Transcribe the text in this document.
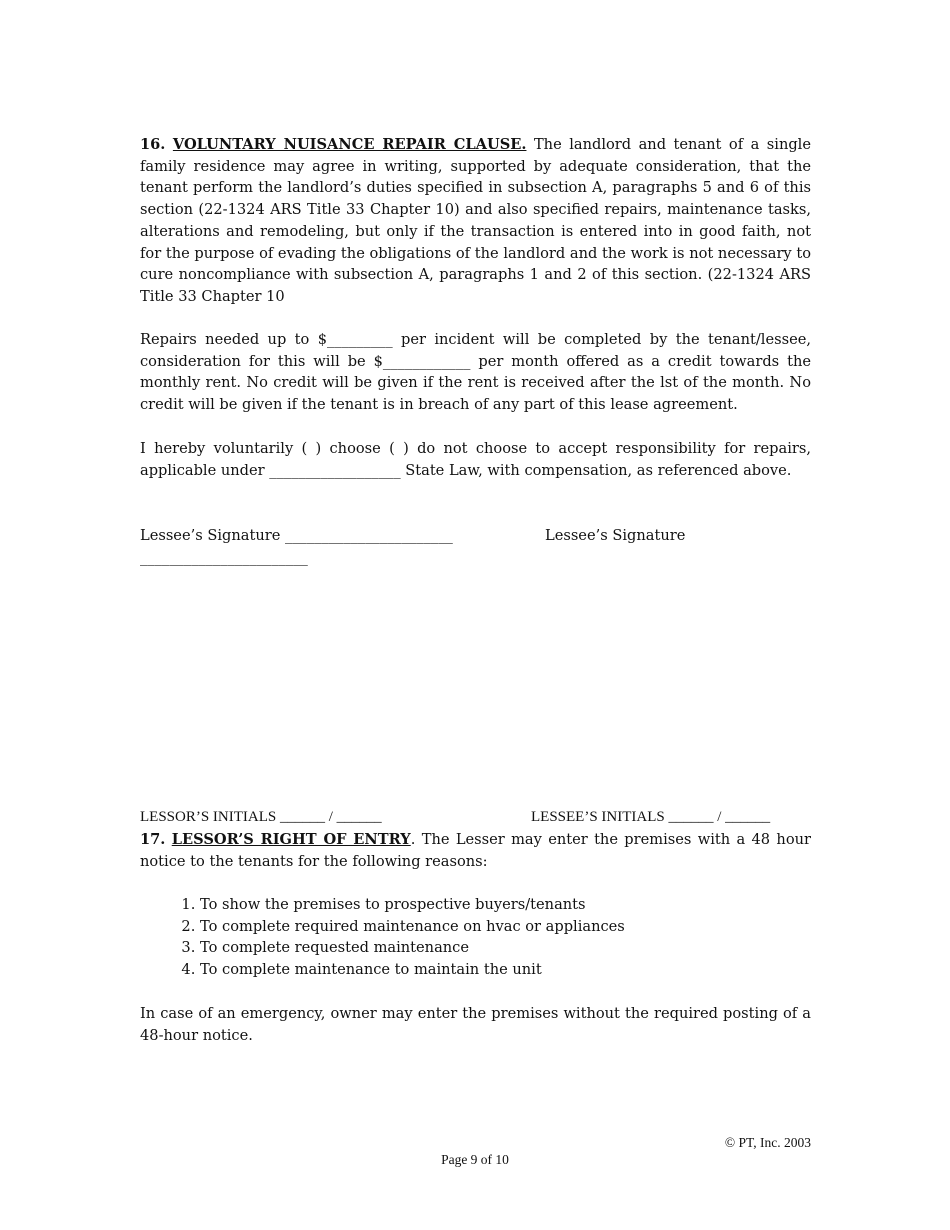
16. VOLUNTARY NUISANCE REPAIR CLAUSE. The landlord and tenant of a single family residence may agree in writing, supported by adequate consideration, that the tenant perform the landlord’s duties specified in subsection A, paragraphs 5 and 6 of this section (22-1324 ARS Title 33 Chapter 10) and also specified repairs, maintenance tasks, alterations and remodeling, but only if the transaction is entered into in good faith, not for the purpose of evading the obligations of the landlord and the work is not necessary to cure noncompliance with subsection A, paragraphs 1 and 2 of this section. (22-1324 ARS Title 33 Chapter 10

Repairs needed up to $_________ per incident will be completed by the tenant/lessee, consideration for this will be $____________ per month offered as a credit towards the monthly rent. No credit will be given if the rent is received after the lst of the month. No credit will be given if the tenant is in breach of any part of this lease agreement.

I hereby voluntarily ( ) choose ( ) do not choose to accept responsibility for repairs, applicable under __________________ State Law, with compensation, as referenced above.

Lessee’s Signature _______________________	Lessee’s Signature
_______________________
LESSOR’S INITIALS ______ / ______	LESSEE’S INITIALS ______ / ______

17. LESSOR’S RIGHT OF ENTRY. The Lesser may enter the premises with a 48 hour notice to the tenants for the following reasons:

1. To show the premises to prospective buyers/tenants
2. To complete required maintenance on hvac or appliances
3. To complete requested maintenance
4. To complete maintenance to maintain the unit

In case of an emergency, owner may enter the premises without the required posting of a 48-hour notice.

© PT, Inc. 2003
Page 9 of 10
